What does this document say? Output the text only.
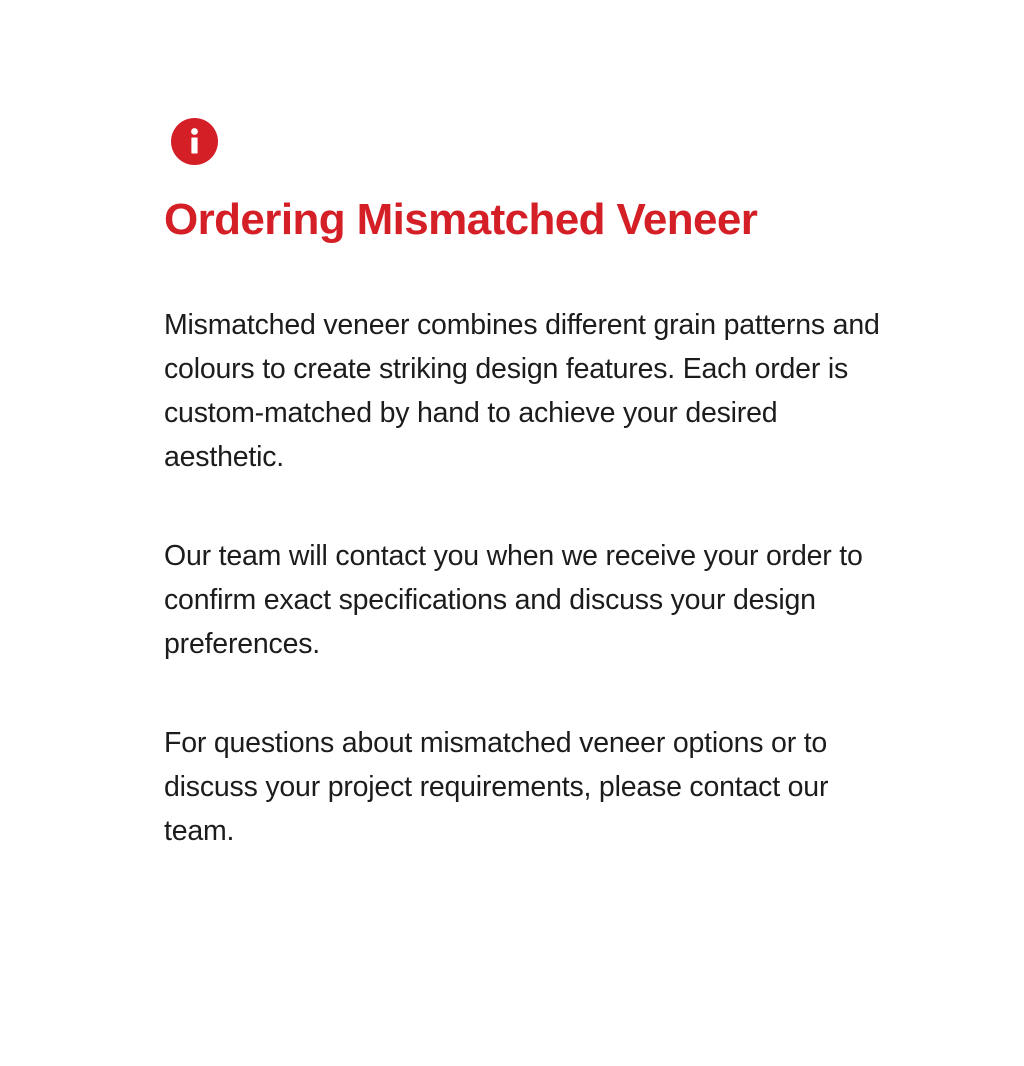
Ordering Mismatched Veneer

Mismatched veneer combines different grain patterns and colours to create striking design features. Each order is custom-matched by hand to achieve your desired aesthetic.

Our team will contact you when we receive your order to confirm exact specifications and discuss your design preferences.

For questions about mismatched veneer options or to discuss your project requirements, please contact our team.
